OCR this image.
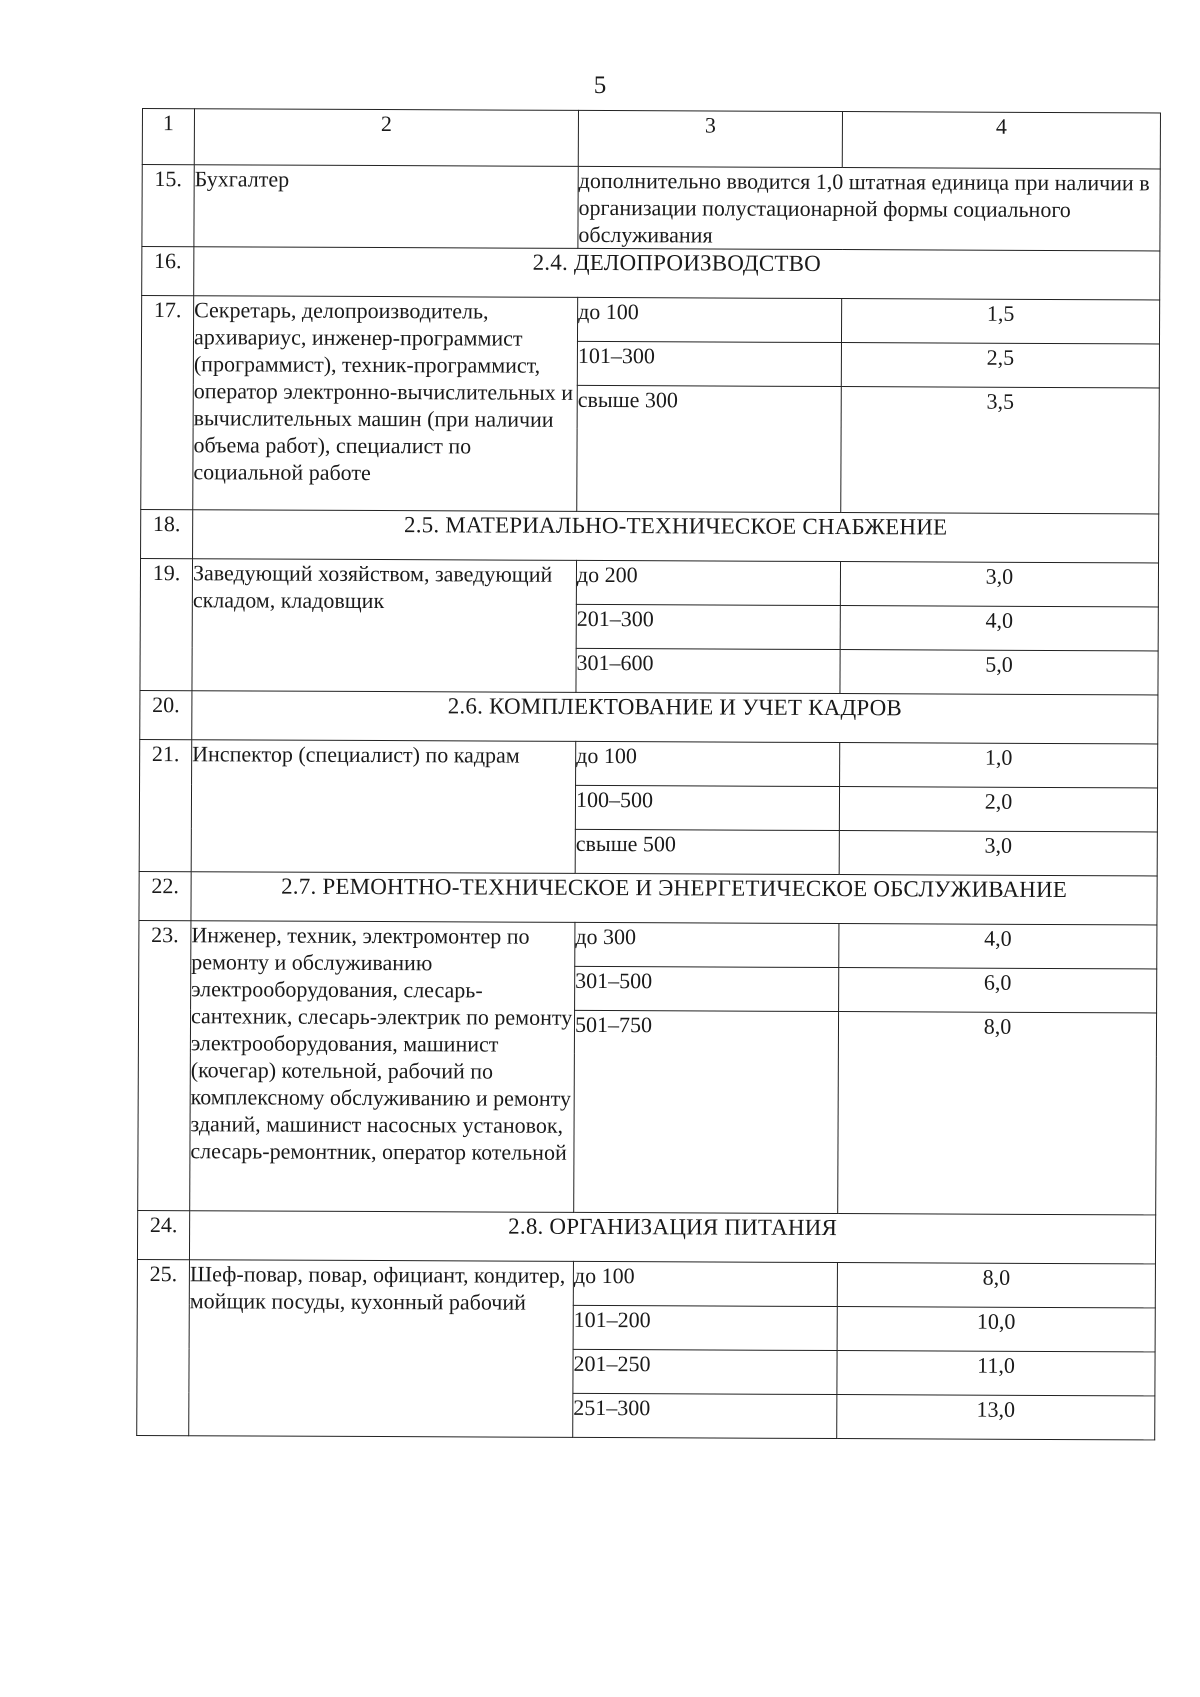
5
1	2	3	4
15.	Бухгалтер	дополнительно вводится 1,0 штатная единица при наличии в организации полустационарной формы социального обслуживания	
16.	2.4. ДЕЛОПРОИЗВОДСТВО		
17.	Секретарь, делопроизводитель, архивариус, инженер-программист (программист), техник-программист, оператор электронно-вычислительных и вычислительных машин (при наличии объема работ), специалист по социальной работе	до 100	1,5
		101–300	2,5
		свыше 300	3,5

18.	2.5. МАТЕРИАЛЬНО-ТЕХНИЧЕСКОЕ СНАБЖЕНИЕ		
19.	Заведующий хозяйством, заведующий складом, кладовщик	до 200	3,0
		201–300	4,0
		301–600	5,0
20.	2.6. КОМПЛЕКТОВАНИЕ И УЧЕТ КАДРОВ		
21.	Инспектор (специалист) по кадрам	до 100	1,0
		100–500	2,0
		свыше 500	3,0
22.	2.7. РЕМОНТНО-ТЕХНИЧЕСКОЕ И ЭНЕРГЕТИЧЕСКОЕ ОБСЛУЖИВАНИЕ		
23.	Инженер, техник, электромонтер по ремонту и обслуживанию электрооборудования, слесарь-сантехник, слесарь-электрик по ремонту электрооборудования, машинист (кочегар) котельной, рабочий по комплексному обслуживанию и ремонту зданий, машинист насосных установок, слесарь-ремонтник, оператор котельной	до 300	4,0
		301–500	6,0
		501–750	8,0

24.	2.8. ОРГАНИЗАЦИЯ ПИТАНИЯ		
25.	Шеф-повар, повар, официант, кондитер, мойщик посуды, кухонный рабочий	до 100	8,0
		101–200	10,0
		201–250	11,0
		251–300	13,0
